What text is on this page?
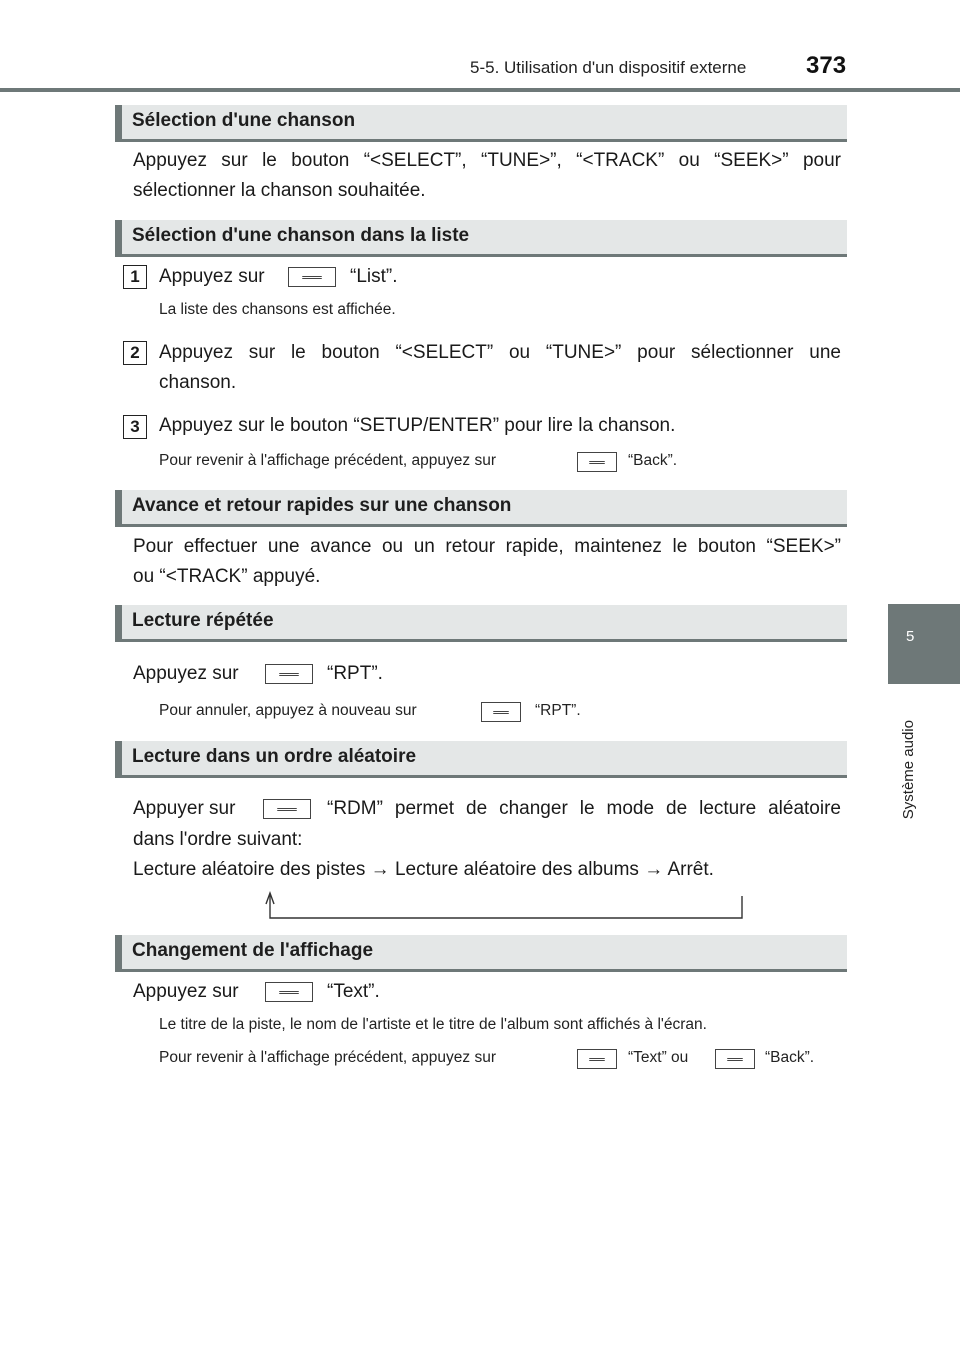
5-5. Utilisation d'un dispositif externe 373
5
Système audio
Sélection d'une chanson
Appuyez sur le bouton “<SELECT”, “TUNE>”, “<TRACK” ou “SEEK>” pour
sélectionner la chanson souhaitée.
Sélection d'une chanson dans la liste
1	Appuyez sur	“List”.
La liste des chansons est affichée.
2	Appuyez sur le bouton “<SELECT” ou “TUNE>” pour sélectionner une
chanson.
3	Appuyez sur le bouton “SETUP/ENTER” pour lire la chanson.
Pour revenir à l'affichage précédent, appuyez sur	“Back”.
Avance et retour rapides sur une chanson
Pour effectuer une avance ou un retour rapide, maintenez le bouton “SEEK>”
ou “<TRACK” appuyé.
Lecture répétée
Appuyez sur	“RPT”.
Pour annuler, appuyez à nouveau sur	“RPT”.
Lecture dans un ordre aléatoire
Appuyer sur	“RDM” permet de changer le mode de lecture aléatoire
dans l'ordre suivant:
Lecture aléatoire des pistes → Lecture aléatoire des albums → Arrêt.
Changement de l'affichage
Appuyez sur	“Text”.
Le titre de la piste, le nom de l'artiste et le titre de l'album sont affichés à l'écran.
Pour revenir à l'affichage précédent, appuyez sur	“Text” ou	“Back”.
